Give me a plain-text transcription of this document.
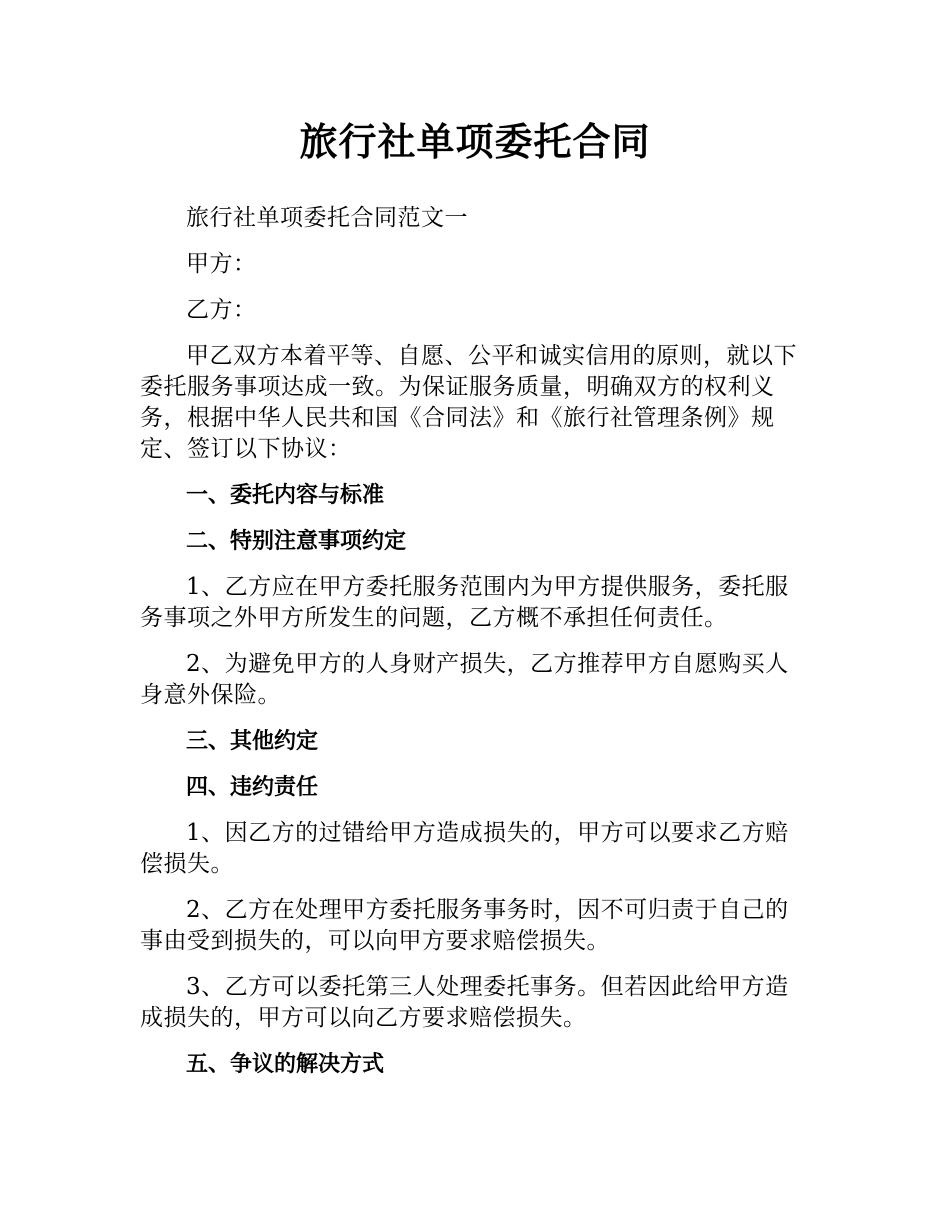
旅行社单项委托合同

旅行社单项委托合同范文一

甲方：

乙方：

甲乙双方本着平等、自愿、公平和诚实信用的原则，就以下委托服务事项达成一致。为保证服务质量，明确双方的权利义务，根据中华人民共和国《合同法》和《旅行社管理条例》规定、签订以下协议：

一、委托内容与标准

二、特别注意事项约定

1、乙方应在甲方委托服务范围内为甲方提供服务，委托服务事项之外甲方所发生的问题，乙方概不承担任何责任。

2、为避免甲方的人身财产损失，乙方推荐甲方自愿购买人身意外保险。

三、其他约定

四、违约责任

1、因乙方的过错给甲方造成损失的，甲方可以要求乙方赔偿损失。

2、乙方在处理甲方委托服务事务时，因不可归责于自己的事由受到损失的，可以向甲方要求赔偿损失。

3、乙方可以委托第三人处理委托事务。但若因此给甲方造成损失的，甲方可以向乙方要求赔偿损失。

五、争议的解决方式
